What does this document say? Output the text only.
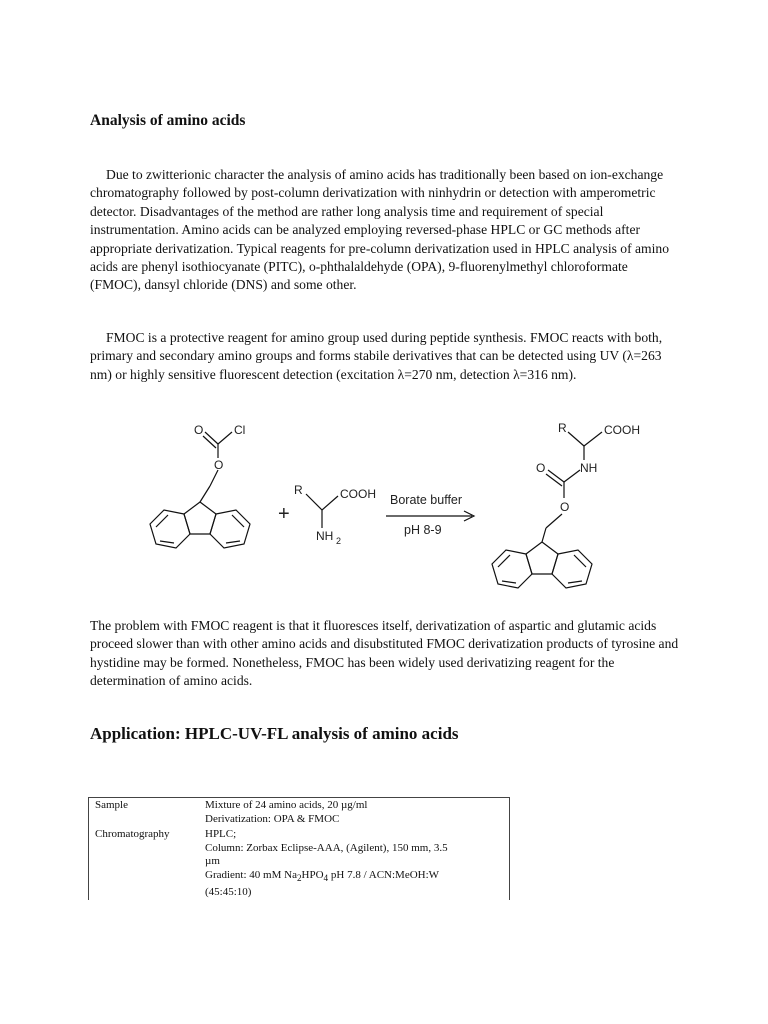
Analysis of amino acids

Due to zwitterionic character the analysis of amino acids has traditionally been based on ion-exchange chromatography followed by post-column derivatization with ninhydrin or detection with amperometric detector. Disadvantages of the method are rather long analysis time and requirement of special instrumentation. Amino acids can be analyzed employing reversed-phase HPLC or GC methods after appropriate derivatization. Typical reagents for pre-column derivatization used in HPLC analysis of amino acids are phenyl isothiocyanate (PITC), o-phthalaldehyde (OPA), 9-fluorenylmethyl chloroformate (FMOC), dansyl chloride (DNS) and some other.

FMOC is a protective reagent for amino group used during peptide synthesis. FMOC reacts with both, primary and secondary amino groups and forms stabile derivatives that can be detected using UV (λ=263 nm) or highly sensitive fluorescent detection (excitation λ=270 nm, detection λ=316 nm).

O	Cl
O
+
R	COOH
NH 2
Borate buffer
pH 8-9
R	COOH
O	NH
O

The problem with FMOC reagent is that it fluoresces itself, derivatization of aspartic and glutamic acids proceed slower than with other amino acids and disubstituted FMOC derivatization products of tyrosine and hystidine may be formed. Nonetheless, FMOC has been widely used derivatizing reagent for the determination of amino acids.

Application: HPLC-UV-FL analysis of amino acids
Sample	Mixture of 24 amino acids, 20 µg/ml
Derivatization: OPA & FMOC

Chromatography	HPLC;
Column: Zorbax Eclipse-AAA, (Agilent), 150 mm, 3.5
µm
Gradient: 40 mM $Na_2HPO_4$ pH 7.8 / ACN:MeOH:W
(45:45:10)
